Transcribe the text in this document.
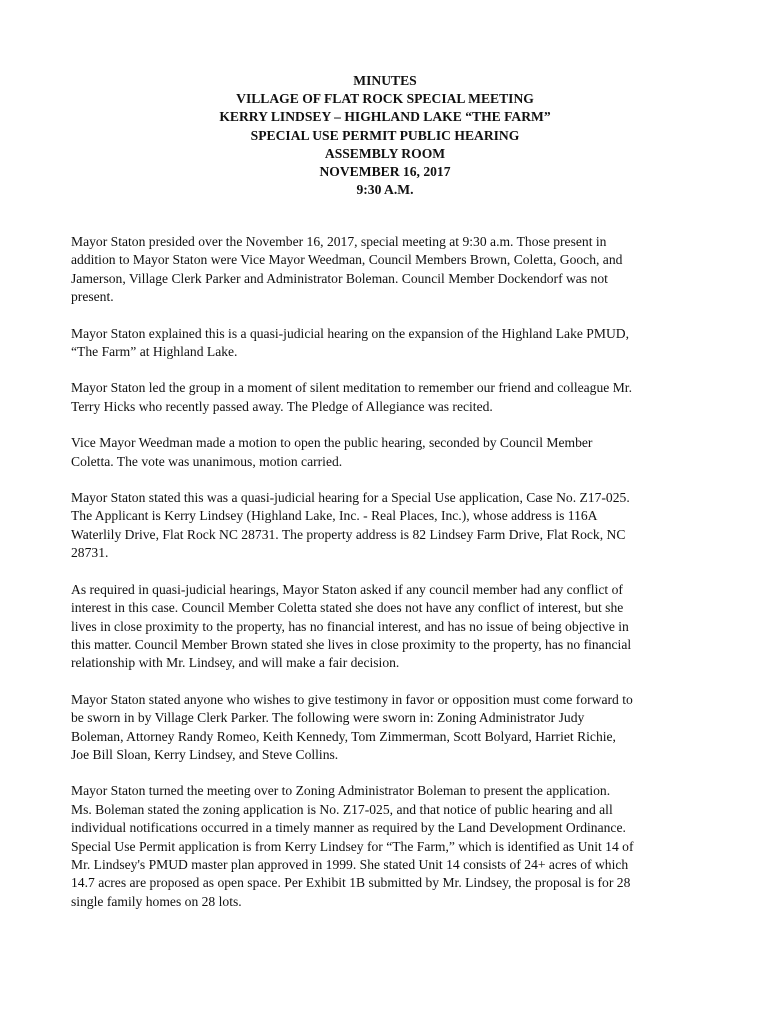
MINUTES
VILLAGE OF FLAT ROCK SPECIAL MEETING
KERRY LINDSEY – HIGHLAND LAKE “THE FARM”
SPECIAL USE PERMIT PUBLIC HEARING
ASSEMBLY ROOM
NOVEMBER 16, 2017
9:30 A.M.

Mayor Staton presided over the November 16, 2017, special meeting at 9:30 a.m. Those present in
addition to Mayor Staton were Vice Mayor Weedman, Council Members Brown, Coletta, Gooch, and
Jamerson, Village Clerk Parker and Administrator Boleman. Council Member Dockendorf was not
present.

Mayor Staton explained this is a quasi-judicial hearing on the expansion of the Highland Lake PMUD,
“The Farm” at Highland Lake.

Mayor Staton led the group in a moment of silent meditation to remember our friend and colleague Mr.
Terry Hicks who recently passed away. The Pledge of Allegiance was recited.

Vice Mayor Weedman made a motion to open the public hearing, seconded by Council Member
Coletta. The vote was unanimous, motion carried.

Mayor Staton stated this was a quasi-judicial hearing for a Special Use application, Case No. Z17-025.
The Applicant is Kerry Lindsey (Highland Lake, Inc. - Real Places, Inc.), whose address is 116A
Waterlily Drive, Flat Rock NC 28731. The property address is 82 Lindsey Farm Drive, Flat Rock, NC
28731.

As required in quasi-judicial hearings, Mayor Staton asked if any council member had any conflict of
interest in this case. Council Member Coletta stated she does not have any conflict of interest, but she
lives in close proximity to the property, has no financial interest, and has no issue of being objective in
this matter. Council Member Brown stated she lives in close proximity to the property, has no financial
relationship with Mr. Lindsey, and will make a fair decision.

Mayor Staton stated anyone who wishes to give testimony in favor or opposition must come forward to
be sworn in by Village Clerk Parker. The following were sworn in: Zoning Administrator Judy
Boleman, Attorney Randy Romeo, Keith Kennedy, Tom Zimmerman, Scott Bolyard, Harriet Richie,
Joe Bill Sloan, Kerry Lindsey, and Steve Collins.

Mayor Staton turned the meeting over to Zoning Administrator Boleman to present the application.
Ms. Boleman stated the zoning application is No. Z17-025, and that notice of public hearing and all
individual notifications occurred in a timely manner as required by the Land Development Ordinance.
Special Use Permit application is from Kerry Lindsey for “The Farm,” which is identified as Unit 14 of
Mr. Lindsey's PMUD master plan approved in 1999. She stated Unit 14 consists of 24+ acres of which
14.7 acres are proposed as open space. Per Exhibit 1B submitted by Mr. Lindsey, the proposal is for 28
single family homes on 28 lots.
